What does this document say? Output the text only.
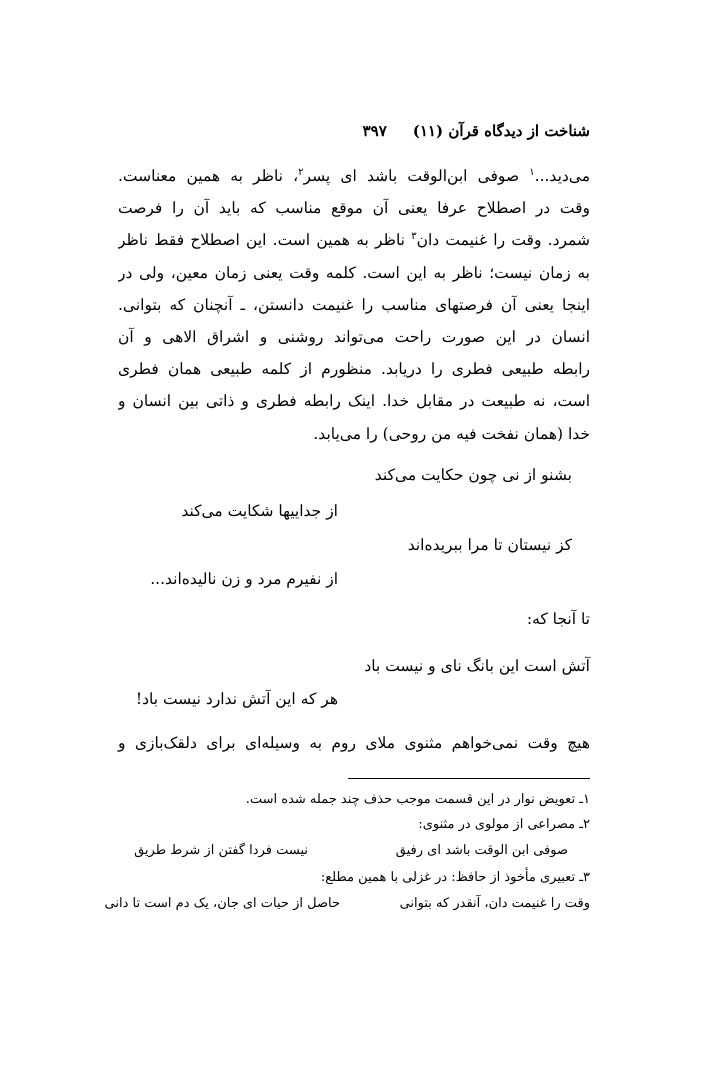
شناخت از دیدگاه قرآن (۱۱)
۳۹۷
می‌دید...$^۱$ صوفی ابن‌الوقت باشد ای پسر$^۲$، ناظر به همین معناست.
وقت در اصطلاح عرفا یعنی آن موقع مناسب که باید آن را فرصت
شمرد. وقت را غنیمت دان$^۳$ ناظر به همین است. این اصطلاح فقط ناظر
به زمان نیست؛ ناظر به این است. کلمه وقت یعنی زمان معین، ولی در
اینجا یعنی آن فرصتهای مناسب را غنیمت دانستن، ـ آنچنان که بتوانی.
انسان در این صورت راحت می‌تواند روشنی و اشراق الاهی و آن
رابطه طبیعی فطری را دریابد. منظورم از کلمه طبیعی همان فطری
است، نه طبیعت در مقابل خدا. اینک رابطه فطری و ذاتی بین انسان و
خدا (همان نفخت فیه من روحی) را می‌یابد.
بشنو از نی چون حکایت می‌کند
از جداییها شکایت می‌کند
کز نیستان تا مرا ببریده‌اند
از نفیرم مرد و زن نالیده‌اند...
تا آنجا که:
آتش است این بانگ نای و نیست باد
هر که این آتش ندارد نیست باد!
هیچ وقت نمی‌خواهم مثنوی ملای روم به وسیله‌ای برای دلقک‌بازی و
۱ـ تعویض نوار در این قسمت موجب حذف چند جمله شده است.
۲ـ مصراعی از مولوی در مثنوی:
صوفی ابن الوقت باشد ای رفیق
نیست فردا گفتن از شرط طریق
۳ـ تعبیری مأخوذ از حافظ: در غزلی با همین مطلع:
وقت را غنیمت دان، آنقدر که بتوانی
حاصل از حیات ای جان، یک دم است تا دانی
